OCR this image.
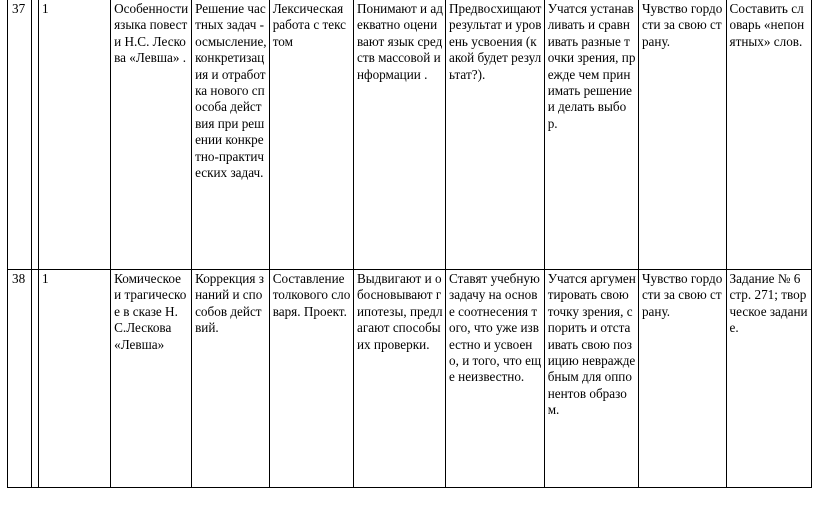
37		1	Особенности языка повести Н.С. Лескова «Левша» .	Решение частных задач - осмысление, конкретизация и отработка нового способа действия при решении конкретно-практических задач.	Лексическая работа с текстом	Понимают и адекватно оценивают язык средств массовой информации .	Предвосхищают результат и уровень усвоения (какой будет результат?).	Учатся устанавливать и сравнивать разные точки зрения, прежде чем принимать решение и делать выбор.	Чувство гордости за свою страну.	Составить словарь «непонятных» слов.
38		1	Комическое и трагическое в сказе Н.С.Лескова «Левша»	Коррекция знаний и способов действий.	Составление толкового словаря. Проект.	Выдвигают и обосновывают гипотезы, предлагают способы их проверки.	Ставят учебную задачу на основе соотнесения того, что уже известно и усвоено, и того, что еще неизвестно.	Учатся аргументировать свою точку зрения, спорить и отстаивать свою позицию невраждебным для оппонентов образом.	Чувство гордости за свою страну.	Задание № 6 стр. 271; творческое задание.
